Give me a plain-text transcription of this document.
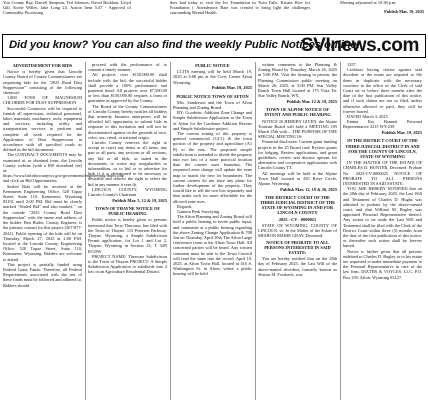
You County Ray, Darrell Simpson, Ted Johnson, David Brokken, Lloyd Gill, Koele Willes, Jake Long 24. Action Item 5:47 - Approval of Commodity Processing
they had today to visit the Ice Foundation in Twin Falls. Kristin Rice for Foundation ( Attendenace Rate was created to bring light the challenges surrounding Mental Health
Meeting adjourned at 10:38 p.m.
Publish Mar. 19, 2025
Did you know? You can also find the weekly Public Notices online!
SVInews.com

ADVERTISEMENT FOR BIDS

Notice is hereby given that Lincoln County Board of County Commissioners are requesting bids for the "2025 Road Dust Suppression" consisting of the following chemical:

1,800 TONS OF MAGNESIUM CHLORIDE FOR DUST SUPPRESSION

Successful Contractor will be required to furnish all supervision, technical personnel, labor, materials, machinery, tools, equipment and services, including utility and transportation services to perform and complete all work required for the Application of Dust Suppression in accordance with all specified roads as defined in the bid documents.

The CONTRACT DOCUMENTS may be examined at, or obtained from, the Lincoln County website (with a $50 download fee) at: https://www.lincolncountywy.gov/government/engineering/index.php and click on Bid Opportunities.

Sealed Bids will be received at the Kemmerer Engineering Office, 520 Topaz Street, Suite 110, Kemmerer, Wyoming 83101 until 2:00 PM. Bid must be clearly marked "Sealed Bid" and also marked " on the outside "2025 County Road Dust Suppression" with the name and address of the bidder. Ben Butler, County Engineer, is the primary contact for this project (307-877-2041). Public opening of the bids will be on Thursday, March 27, 2025 at 2:00 P.M. located at the Lincoln County, Engineering Office, 520 Topaz Street, Suite 110, Kemmerer, Wyoming. Bidders are welcome to attend.

This project is partially funded using Federal Grant Funds. Therefore, all Federal Requirements associated with the use of these funds must be followed and adhered to. Bidders should

proceed with the performance of to commit a timely manner.

All projects over $150,000.00 shall include with the bid, the successful bidder shall provide a 100% performance and payment bond. All projects over $7,500.00 or less than $150,000.00 requires a form of guarantee as approved by the County.

The Board of the County Commissioners of Lincoln County hereby notifies all bidders that minority business enterprises will be afforded full opportunity to submit bids in response to this invitation and will not be discriminated against on the grounds of race, color, sex, creed, or national origin.

Lincoln County reserves the right to accept or reject any items or all items, any part or all parts, any sections or all sections, any bid or all bids, as stated in the documents, to waive any irregularities or informalities, or to bid or to advertise for bids if it is determined to be necessary or desirable and reserve the right to select the bid in any manner it sees fit.

LINCOLN COUNTY, WYOMING Lincoln County's Chairman

Publish Mar. 5, 12 & 19, 2025

TOWN OF THAYNE NOTICE OF PUBLIC HEARING

Public notice is hereby given to persons interested that Terry Therouse, has filed with the Town of Thayne, 115 Petersen Parkway, Thayne, Wyoming, a Simple Subdivision Permit application, for Lot 1 and Lot 2, Thayne, Wyoming in Section 23, T 34N R119W.

PROJECT NAME: Therouse Subdivision to the Town of Thayne PROJECT: A Simple Subdivision Application to subdivide into 2 lots in an Agriculture Residential District.

PUBLIC NOTICE

LCITS meeting will be held March 19, 2025 at 6:00 pm at the Civic Center Afton Wyoming.

Publish Mar. 19, 2025

PUBLIC NOTICE TOWN OF AFTON

Mrs. Sanderson and the Town of Afton Planning and Zoning Board.

BY: Goodwin: Addition Zone Change and Simple Subdivision Application to the Town of Afton for the Gardener Addition Rezone and Simple Subdivision project.

The current zoning of this property is general commercial (GC1) & the town portion of the property and agriculture (A1 R) to the east. The proposed simple subdivision is intended to divide the property into two lots of a more practical location than the current zone boundary. The requested zone change will update the zone map to match the new lot boundaries. The current owners do not have any plans for further development of the property. They would like to sell the two lots separately and thus make each lot more affordable for the allowed zone uses.

Regards,

Gannon Peak Surveying

The Afton Planning and Zoning Board will hold a public hearing to invite public input, and comments at a public hearing regarding the above Zoning Change Application & 708 Jon on Thursday, April 10th The Afton Large conference room at the Afton Town Hall. All concerned parties will be heard. Any written comment must be sent to the Town Council will read the same into the record. April 10, 2025, at Afton Town Hall, located at 416 S. Washington St. in Afton, where a public hearing will be held

written comments to the Planning & Zoning Board by Thursday, March 26, 2025 at 5:00 PM. Visit the hearing in person, the Planning Commission public meeting on March 26, 2025, at 5:00 PM. Star Valley Ranch Town Hall located at 175 Vista Dr. Star Valley Ranch, WY.

Publish Mar. 12 & 19, 2025

TOWN OF ALPINE NOTICE OF INTENT AND PUBLIC HEARING

NOTICE IS HEREBY GIVEN, the Alpine Tourism Board will hold a MEETING ON March 25th with ... THE PURPOSE OF THE SPECIAL MEETING IS:

Financial disclosure. Current grant funding projects in the 25 Broad card. Review grants for lodging. Review applications, and grant guidelines; review and discuss options for alternative and cooperative applications with Lincoln County TT.

All meetings will be held at the Alpine Town Hall located at 250 River Circle, Alpine, Wyoming.

Publish Mar. 12, 19 & 26, 2025

THE DISTRICT COURT OF THE THIRD JUDICIAL DISTRICT OF THE STATE OF WYOMING IN AND FOR LINCOLN COUNTY

2025 - CV - 0000021

STATE OF WYOMING, COUNTY OF LINCOLN, ss: In the Matter of the Estate of SHARON MARIE GRAY, Deceased.

NOTICE OF PROBATE TO ALL PERSONS INTERESTED IN SAID ESTATE:

You are hereby notified that on the 28th day of February 2025, the Last Will of the above-named decedent, formerly known as Sharon M. Fossbeck, was

1357.

Creditors having claims against said decedent or the estate are required to file them in duplicate with the necessary vouchers in the office of the Clerk of said Court on or before three months after the date of the first publication of this notice, and if such claims are not so filed, unless otherwise allowed or paid, they will be forever barred.

DATED March 3, 2025

Emma Fay Bennett Personal Representative 3215 WY-239

Publish Mar. 19, 2025

IN THE DISTRICT COURT OF THE THIRD JUDICIAL DISTRICT IN AND FOR THE COUNTY OF LINCOLN, STATE OF WYOMING

IN THE MATTER OF THE ESTATE OF CHARLES D. HUNTER, Deceased. Probate No. 2025-CV-0000025 NOTICE OF PROBATE TO ALL PERSONS INTERESTED IN SAID ESTATE:

YOU ARE HEREBY NOTIFIED that on the 28th day of February, 2025, the Last Will and Testament of Charles D. Hughs was admitted to probate by the above-named court, and that William M. Bagley was appointed Personal Representative thereof. Any action to set aside the Last Will and Testament shall be filed with the Clerk of the District Court within three (3) months from the date of the first publication of this notice, or thereafter such action shall be forever barred.

Notice is further given that all persons indebted to Charles D. Bagley or to his estate are requested to make immediate payment to the Personal Representative in care of the law firm, DIXTER & VOYLES, LLC, P.O. Box 239, Afton, Wyoming 83127.
